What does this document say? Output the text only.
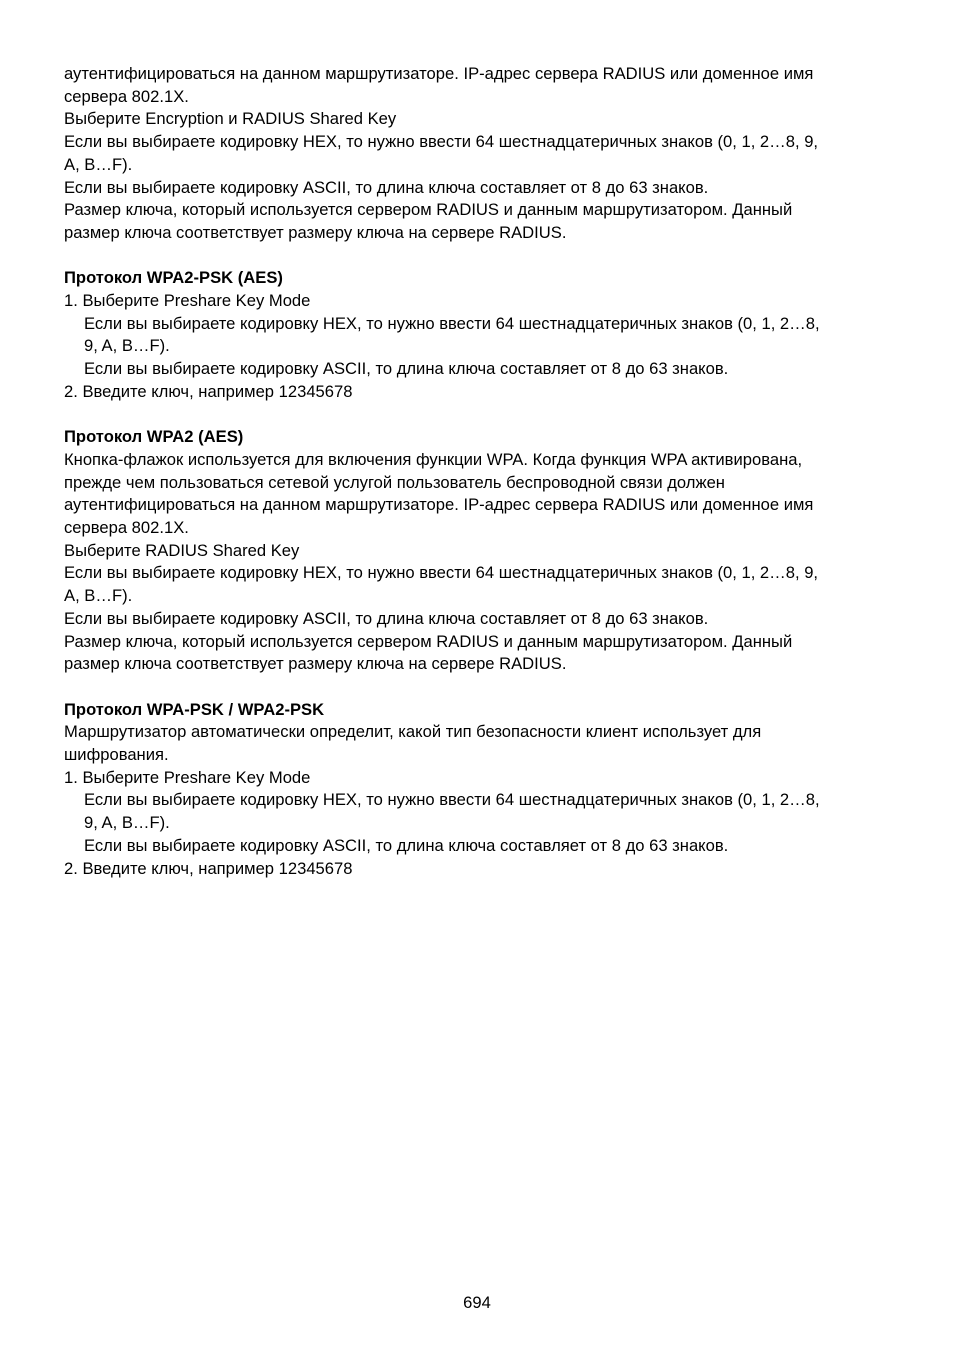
аутентифицироваться на данном маршрутизаторе. IP-адрес сервера RADIUS или доменное имя
сервера 802.1X.
Выберите Encryption и RADIUS Shared Key
Если вы выбираете кодировку HEX, то нужно ввести 64 шестнадцатеричных знаков (0, 1, 2…8, 9,
A, B…F).
Если вы выбираете кодировку ASCII, то длина ключа составляет от 8 до 63 знаков.
Размер ключа, который используется сервером RADIUS и данным маршрутизатором. Данный
размер ключа соответствует размеру ключа на сервере RADIUS.
Протокол WPA2-PSK (AES)
1. Выберите Preshare Key Mode
Если вы выбираете кодировку HEX, то нужно ввести 64 шестнадцатеричных знаков (0, 1, 2…8,
9, A, B…F).
Если вы выбираете кодировку ASCII, то длина ключа составляет от 8 до 63 знаков.
2. Введите ключ, например 12345678
Протокол WPA2 (AES)
Кнопка-флажок используется для включения функции WPA. Когда функция WPA активирована,
прежде чем пользоваться сетевой услугой пользователь беспроводной связи должен
аутентифицироваться на данном маршрутизаторе. IP-адрес сервера RADIUS или доменное имя
сервера 802.1X.
Выберите RADIUS Shared Key
Если вы выбираете кодировку HEX, то нужно ввести 64 шестнадцатеричных знаков (0, 1, 2…8, 9,
A, B…F).
Если вы выбираете кодировку ASCII, то длина ключа составляет от 8 до 63 знаков.
Размер ключа, который используется сервером RADIUS и данным маршрутизатором. Данный
размер ключа соответствует размеру ключа на сервере RADIUS.
Протокол WPA-PSK / WPA2-PSK
Маршрутизатор автоматически определит, какой тип безопасности клиент использует для
шифрования.
1. Выберите Preshare Key Mode
Если вы выбираете кодировку HEX, то нужно ввести 64 шестнадцатеричных знаков (0, 1, 2…8,
9, A, B…F).
Если вы выбираете кодировку ASCII, то длина ключа составляет от 8 до 63 знаков.
2. Введите ключ, например 12345678
694
